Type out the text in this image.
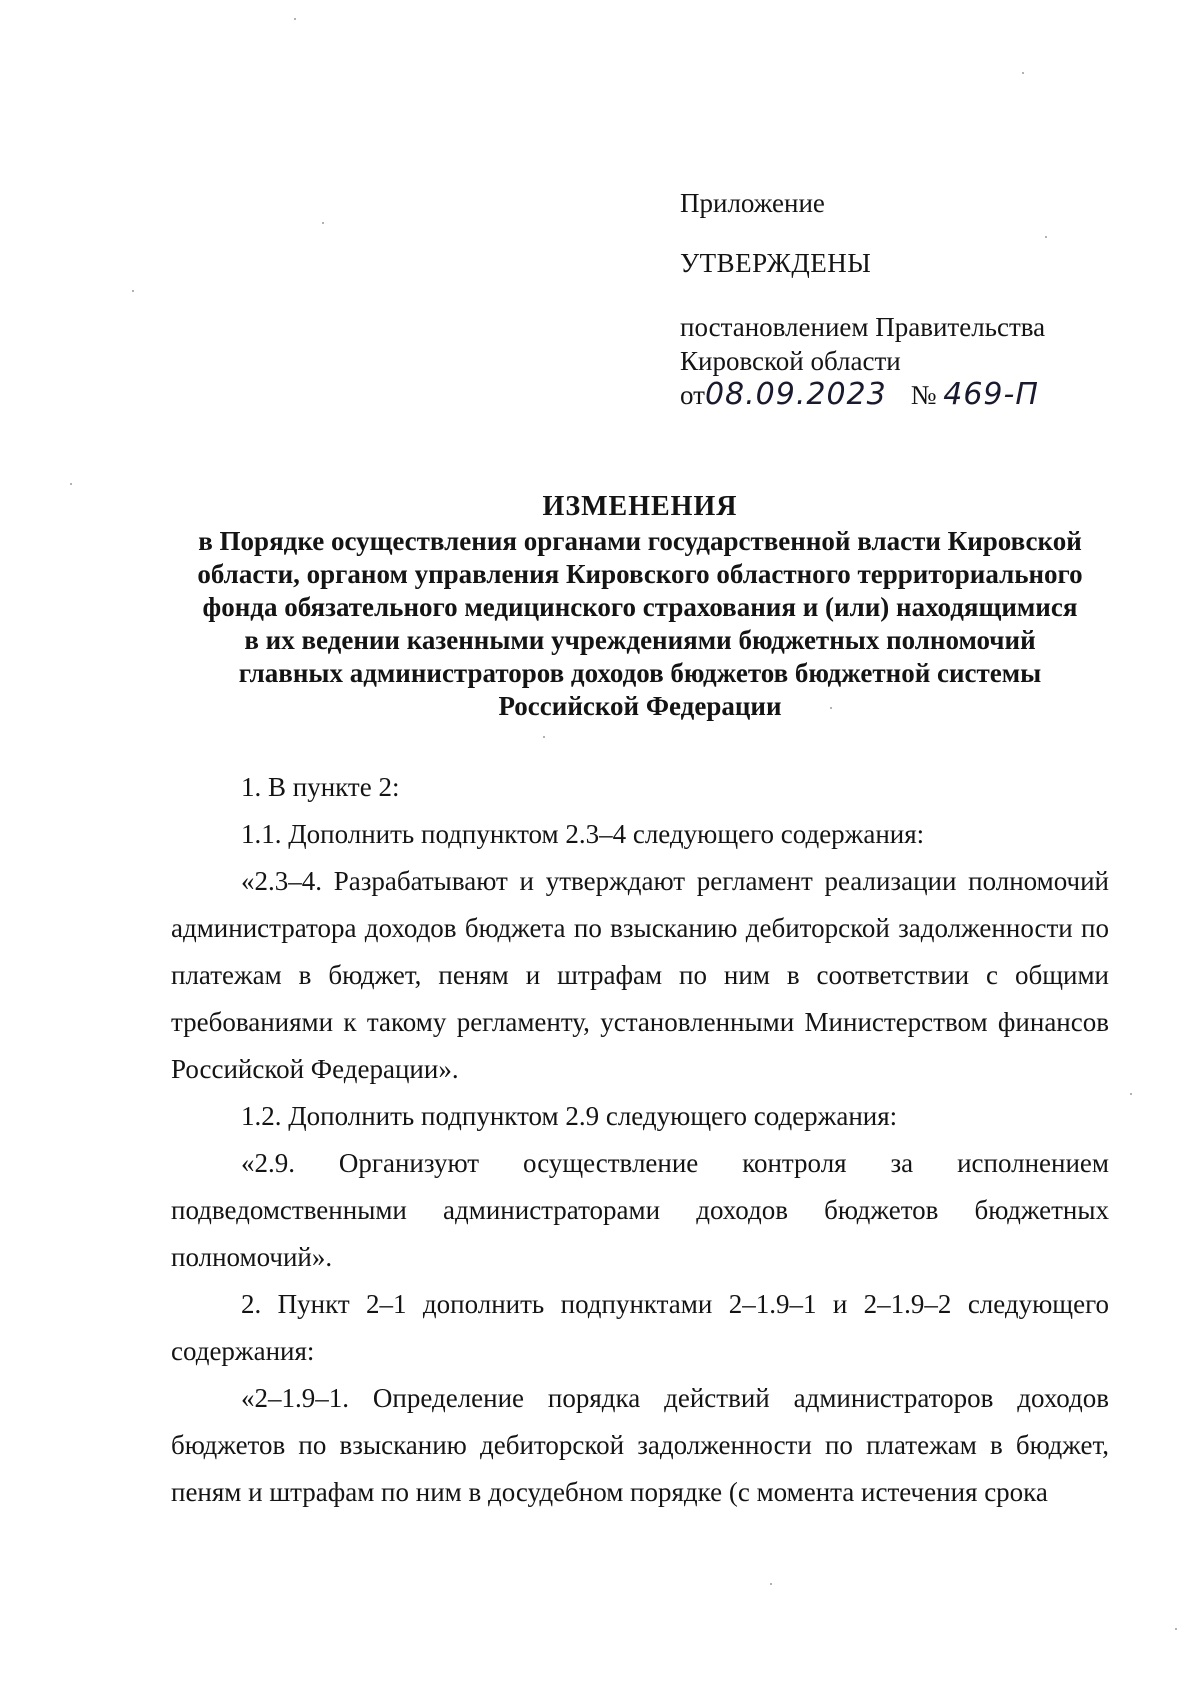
Приложение
УТВЕРЖДЕНЫ
постановлением Правительства
Кировской области
от08.09.2023 № 469-П
ИЗМЕНЕНИЯ
в Порядке осуществления органами государственной власти Кировской
области, органом управления Кировского областного территориального
фонда обязательного медицинского страхования и (или) находящимися
в их ведении казенными учреждениями бюджетных полномочий
главных администраторов доходов бюджетов бюджетной системы
Российской Федерации

1. В пункте 2:

1.1. Дополнить подпунктом 2.3–4 следующего содержания:

«2.3–4. Разрабатывают и утверждают регламент реализации полномочий администратора доходов бюджета по взысканию дебиторской задолженности по платежам в бюджет, пеням и штрафам по ним в соответствии с общими требованиями к такому регламенту, установленными Министерством финансов Российской Федерации».

1.2. Дополнить подпунктом 2.9 следующего содержания:

«2.9. Организуют осуществление контроля за исполнением подведомственными администраторами доходов бюджетов бюджетных полномочий».

2. Пункт 2–1 дополнить подпунктами 2–1.9–1 и 2–1.9–2 следующего содержания:

«2–1.9–1. Определение порядка действий администраторов доходов бюджетов по взысканию дебиторской задолженности по платежам в бюджет, пеням и штрафам по ним в досудебном порядке (с момента истечения срока
